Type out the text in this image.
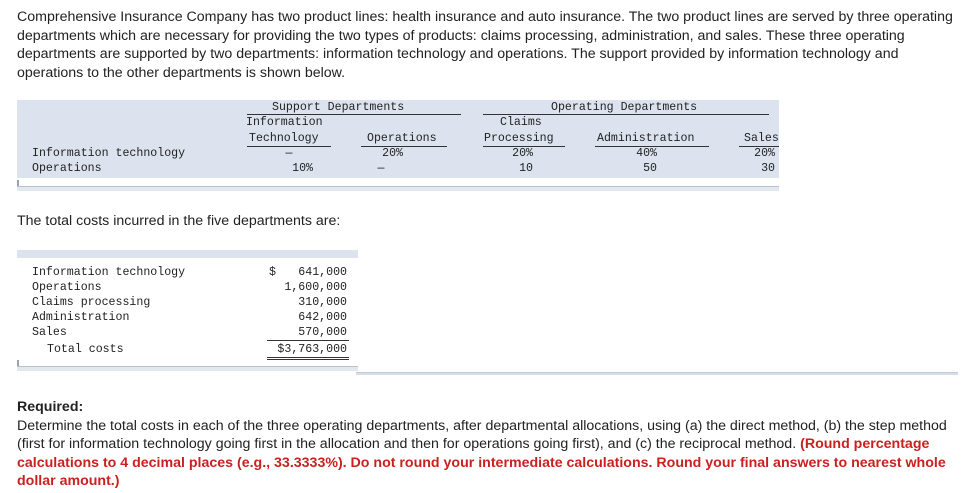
Comprehensive Insurance Company has two product lines: health insurance and auto insurance. The two product lines are served by three operating departments which are necessary for providing the two types of products: claims processing, administration, and sales. These three operating departments are supported by two departments: information technology and operations. The support provided by information technology and operations to the other departments is shown below.
Support Departments	Operating Departments
Information
Technology	Operations
Claims
Processing	Administration	Sales
Information technology	—	20%	20%	40%	20%
Operations	10%	—	10	50	30
The total costs incurred in the five departments are:
Information technology	$	641,000
Operations	1,600,000
Claims processing	310,000
Administration	642,000
Sales	570,000
Total costs	$3,763,000
Required:
Determine the total costs in each of the three operating departments, after departmental allocations, using (a) the direct method, (b) the step method (first for information technology going first in the allocation and then for operations going first), and (c) the reciprocal method. (Round percentage calculations to 4 decimal places (e.g., 33.3333%). Do not round your intermediate calculations. Round your final answers to nearest whole dollar amount.)
